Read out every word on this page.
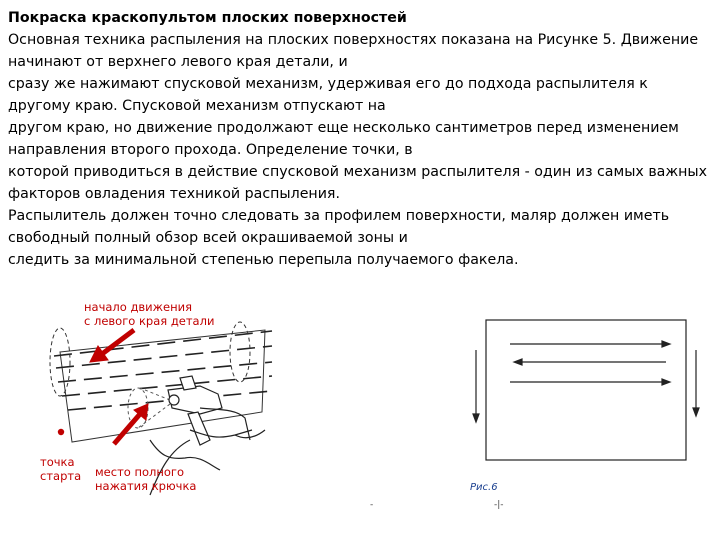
Покраска краскопультом плоских поверхностей
Основная техника распыления на плоских поверхностях показана на Рисунке 5. Движение
начинают от верхнего левого края детали, и
сразу же нажимают спусковой механизм, удерживая его до подхода распылителя к
другому краю. Спусковой механизм отпускают на
другом краю, но движение продолжают еще несколько сантиметров перед изменением
направления второго прохода. Определение точки, в
которой приводиться в действие спусковой механизм распылителя - один из самых важных
факторов овладения техникой распыления.
Распылитель должен точно следовать за профилем поверхности, маляр должен иметь
свободный полный обзор всей окрашиваемой зоны и
следить за минимальной степенью перепыла получаемого факела.
начало движения
с левого края детали
точка
старта место полного
нажатия крючка	Рис.6
-	-|-
